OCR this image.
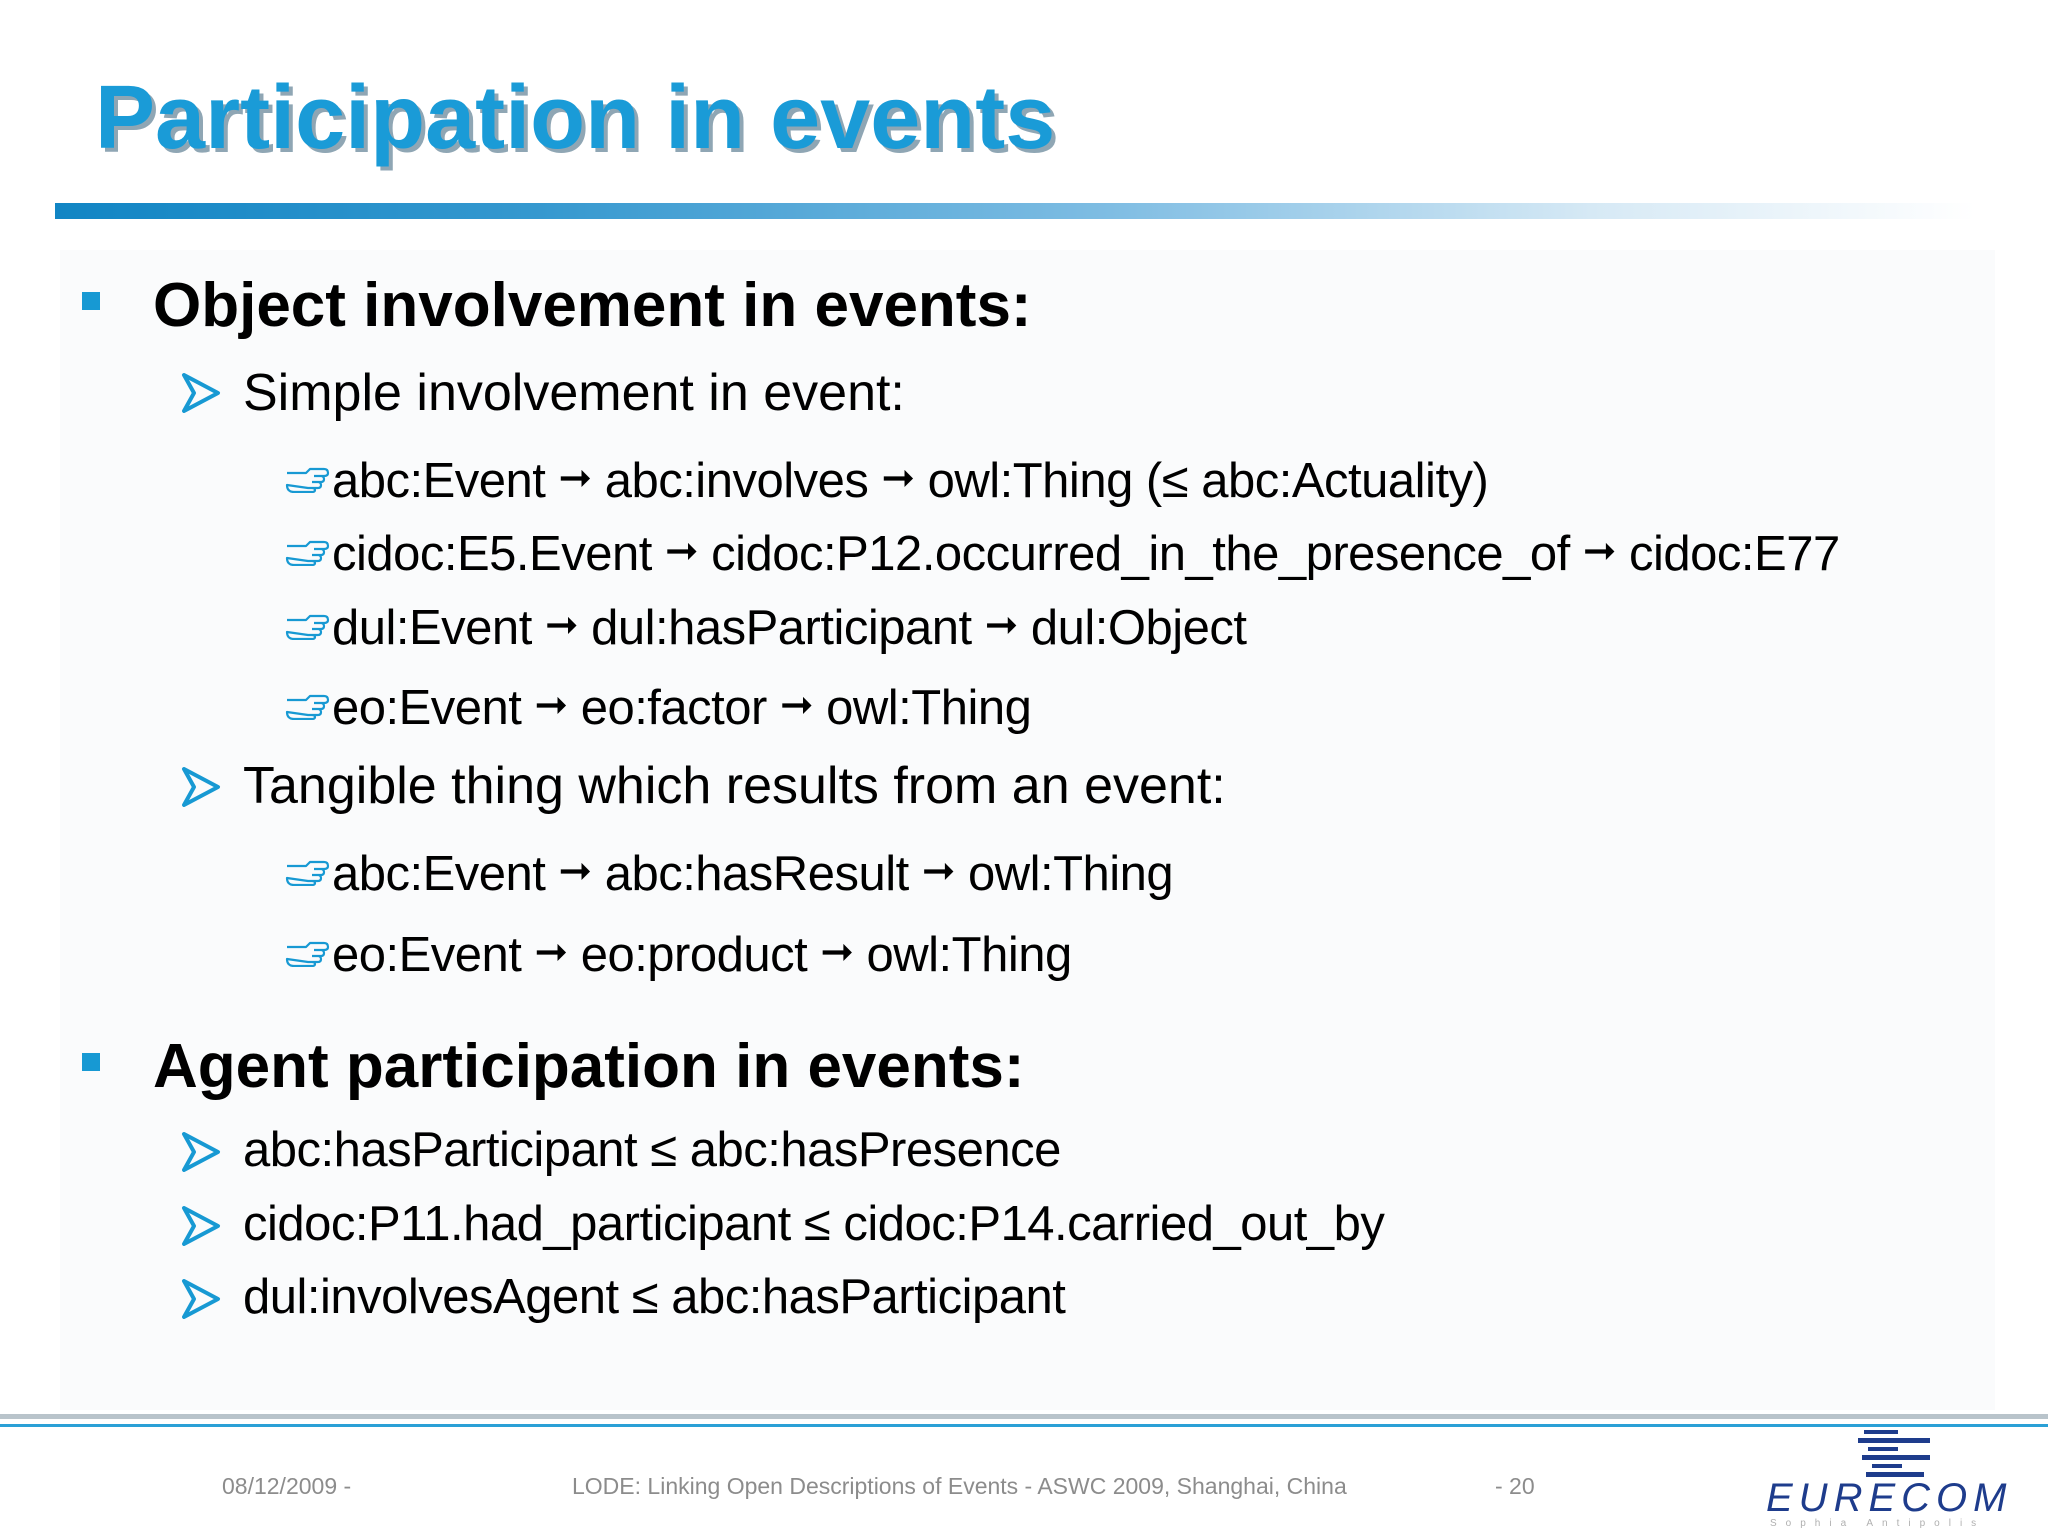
Participation in events
Object involvement in events:
Simple involvement in event:
abc:Event ➞ abc:involves ➞ owl:Thing (≤ abc:Actuality)
cidoc:E5.Event ➞ cidoc:P12.occurred_in_the_presence_of ➞ cidoc:E77
dul:Event ➞ dul:hasParticipant ➞ dul:Object
eo:Event ➞ eo:factor ➞ owl:Thing
Tangible thing which results from an event:
abc:Event ➞ abc:hasResult ➞ owl:Thing
eo:Event ➞ eo:product ➞ owl:Thing
Agent participation in events:
abc:hasParticipant ≤ abc:hasPresence
cidoc:P11.had_participant ≤ cidoc:P14.carried_out_by
dul:involvesAgent ≤ abc:hasParticipant
08/12/2009 -	LODE: Linking Open Descriptions of Events - ASWC 2009, Shanghai, China	- 20	EURECOM
Sophia Antipolis
